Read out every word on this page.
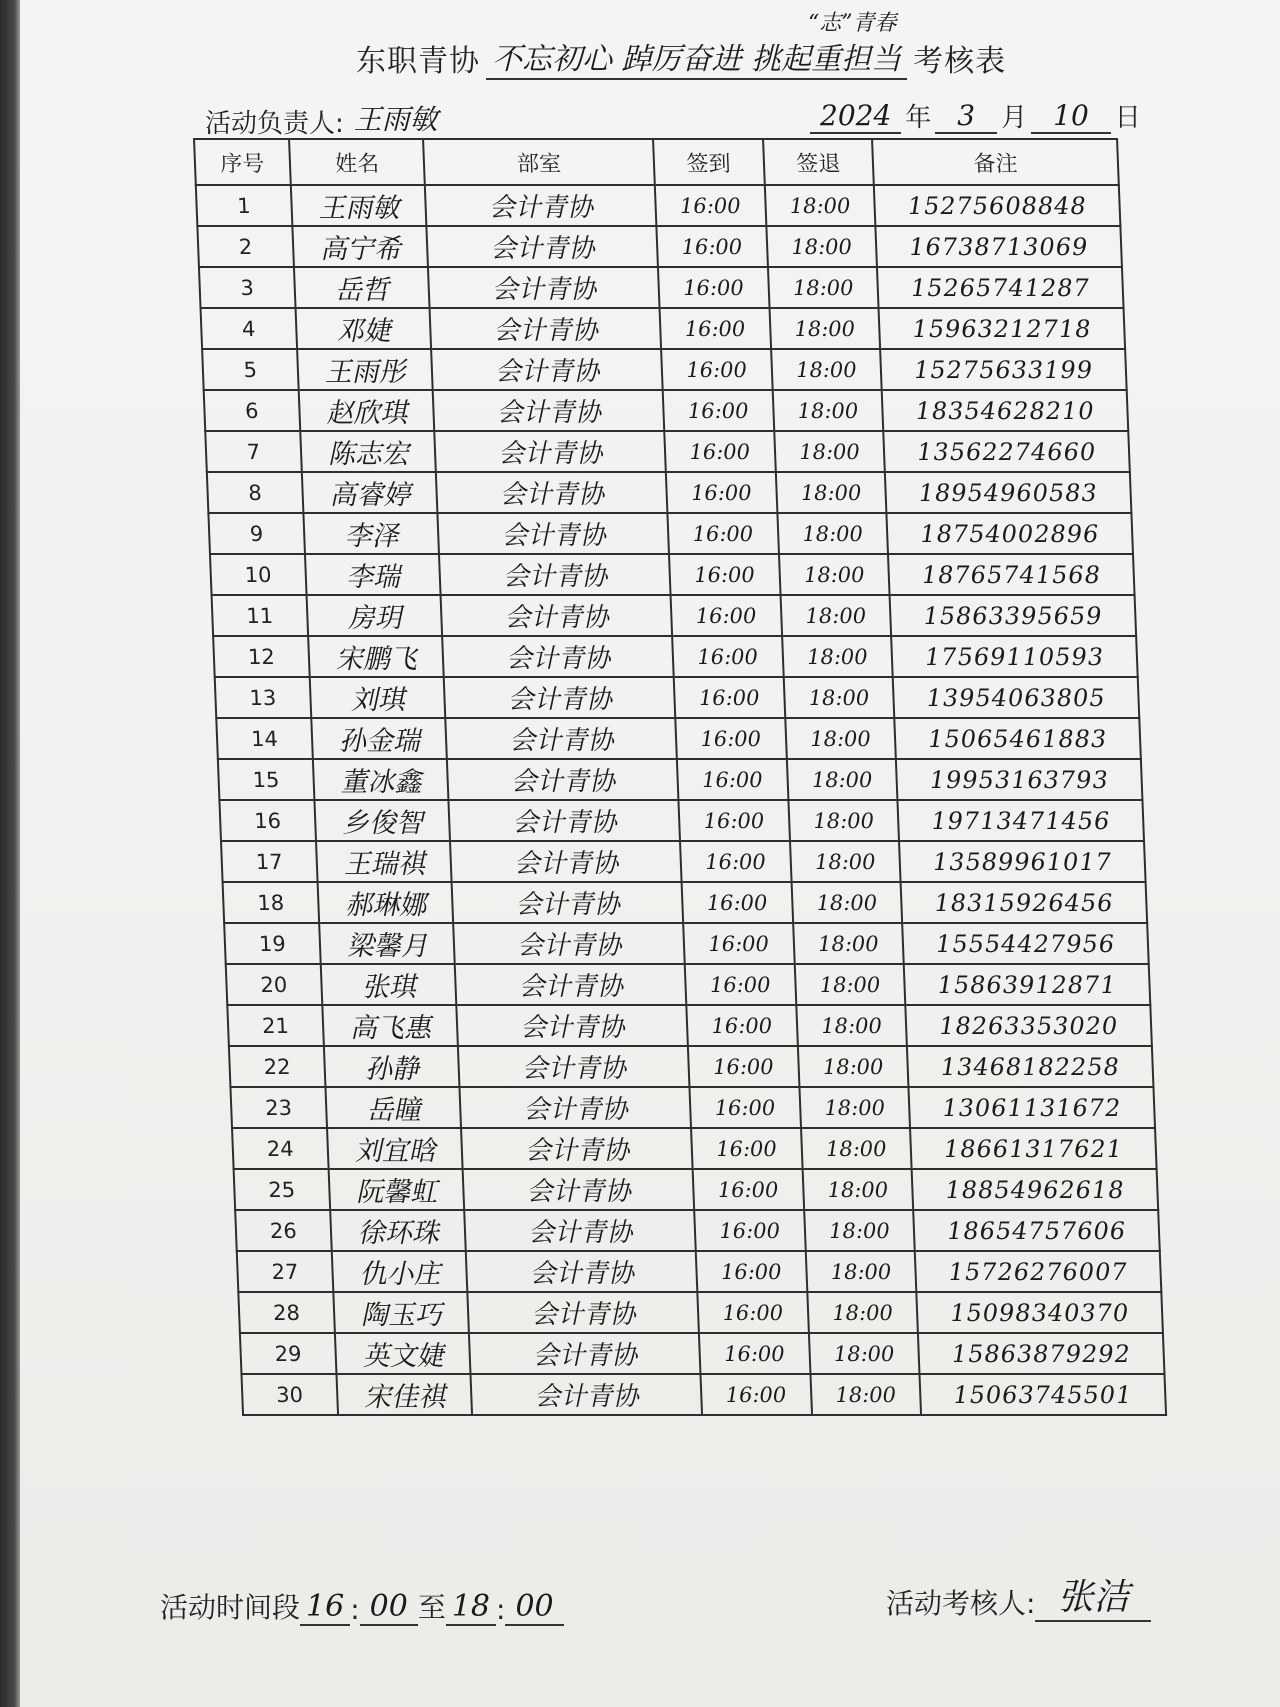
东职青协 不忘初心 踔厉奋进 挑起重担当 考核表
“志”青春
活动负责人: 王雨敏	2024 年 3	月 10	日
序号	姓名	部室	签到	签退	备注
1	王雨敏	会计青协	16:00	18:00	15275608848
2	高宁希	会计青协	16:00	18:00	16738713069
3	岳哲	会计青协	16:00	18:00	15265741287
4	邓婕	会计青协	16:00	18:00	15963212718
5	王雨彤	会计青协	16:00	18:00	15275633199
6	赵欣琪	会计青协	16:00	18:00	18354628210
7	陈志宏	会计青协	16:00	18:00	13562274660
8	高睿婷	会计青协	16:00	18:00	18954960583
9	李泽	会计青协	16:00	18:00	18754002896
10	李瑞	会计青协	16:00	18:00	18765741568
11	房玥	会计青协	16:00	18:00	15863395659
12	宋鹏飞	会计青协	16:00	18:00	17569110593
13	刘琪	会计青协	16:00	18:00	13954063805
14	孙金瑞	会计青协	16:00	18:00	15065461883
15	董冰鑫	会计青协	16:00	18:00	19953163793
16	乡俊智	会计青协	16:00	18:00	19713471456
17	王瑞祺	会计青协	16:00	18:00	13589961017
18	郝琳娜	会计青协	16:00	18:00	18315926456
19	梁馨月	会计青协	16:00	18:00	15554427956
20	张琪	会计青协	16:00	18:00	15863912871
21	高飞惠	会计青协	16:00	18:00	18263353020
22	孙静	会计青协	16:00	18:00	13468182258
23	岳瞳	会计青协	16:00	18:00	13061131672
24	刘宜晗	会计青协	16:00	18:00	18661317621
25	阮馨虹	会计青协	16:00	18:00	18854962618
26	徐环珠	会计青协	16:00	18:00	18654757606
27	仇小庄	会计青协	16:00	18:00	15726276007
28	陶玉巧	会计青协	16:00	18:00	15098340370
29	英文婕	会计青协	16:00	18:00	15863879292
30	宋佳祺	会计青协	16:00	18:00	15063745501
活动时间段 16 : 00 至 18 : 00	活动考核人: 张洁
